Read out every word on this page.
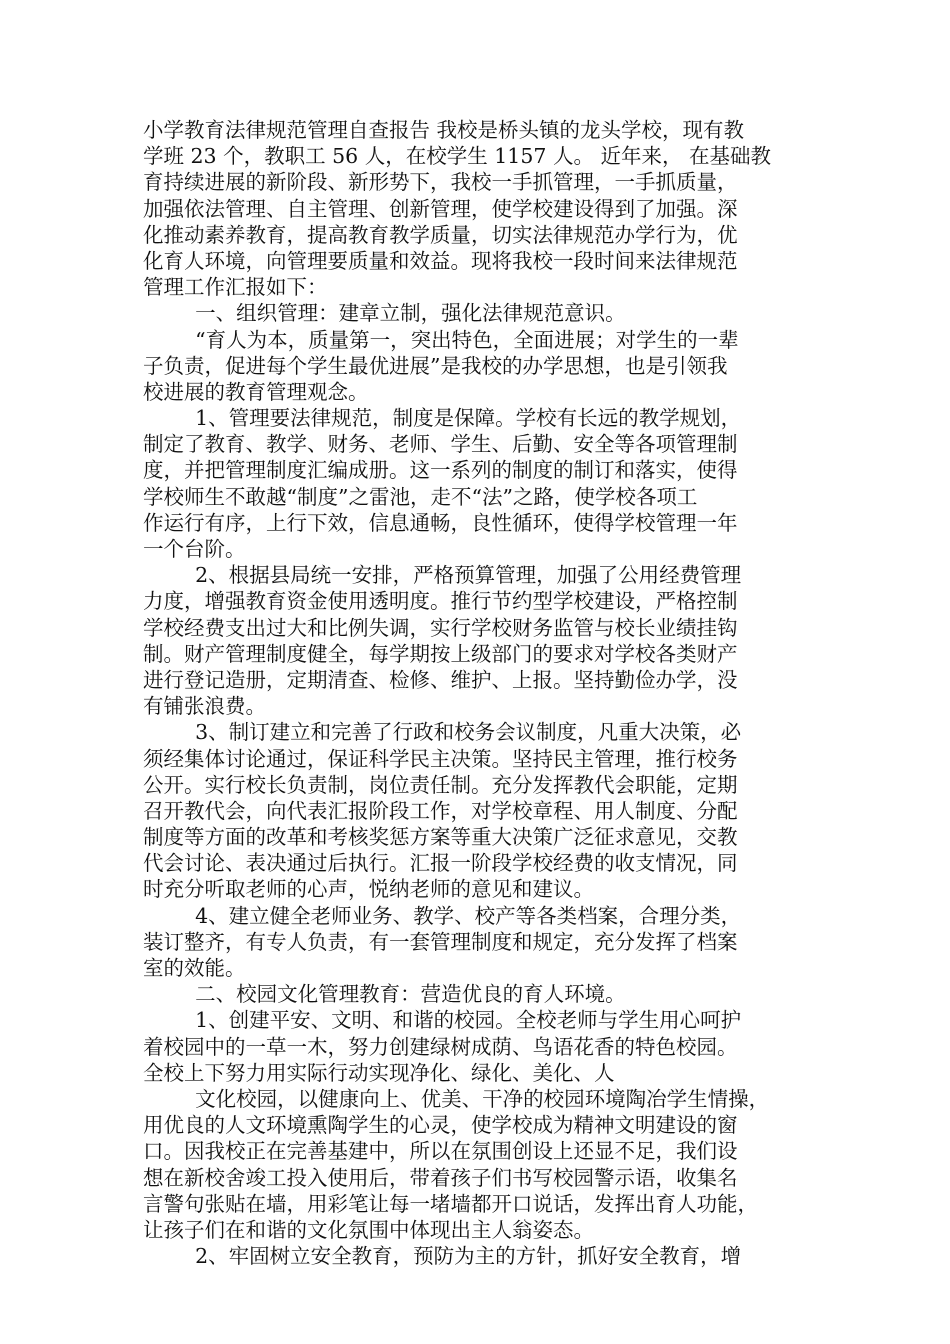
小学教育法律规范管理自查报告 我校是桥头镇的龙头学校，现有教
学班 23 个，教职工 56 人，在校学生 1157 人。 近年来， 在基础教
育持续进展的新阶段、新形势下，我校一手抓管理，一手抓质量，
加强依法管理、自主管理、创新管理，使学校建设得到了加强。深
化推动素养教育，提高教育教学质量，切实法律规范办学行为，优
化育人环境，向管理要质量和效益。现将我校一段时间来法律规范
管理工作汇报如下：
一、组织管理：建章立制，强化法律规范意识。
“育人为本，质量第一，突出特色，全面进展；对学生的一辈
子负责，促进每个学生最优进展”是我校的办学思想，也是引领我
校进展的教育管理观念。
1、管理要法律规范，制度是保障。学校有长远的教学规划，
制定了教育、教学、财务、老师、学生、后勤、安全等各项管理制
度，并把管理制度汇编成册。这一系列的制度的制订和落实，使得
学校师生不敢越“制度”之雷池，走不“法”之路，使学校各项工
作运行有序，上行下效，信息通畅，良性循环，使得学校管理一年
一个台阶。
2、根据县局统一安排，严格预算管理，加强了公用经费管理
力度，增强教育资金使用透明度。推行节约型学校建设，严格控制
学校经费支出过大和比例失调，实行学校财务监管与校长业绩挂钩
制。财产管理制度健全，每学期按上级部门的要求对学校各类财产
进行登记造册，定期清查、检修、维护、上报。坚持勤俭办学，没
有铺张浪费。
3、制订建立和完善了行政和校务会议制度，凡重大决策，必
须经集体讨论通过，保证科学民主决策。坚持民主管理，推行校务
公开。实行校长负责制，岗位责任制。充分发挥教代会职能，定期
召开教代会，向代表汇报阶段工作，对学校章程、用人制度、分配
制度等方面的改革和考核奖惩方案等重大决策广泛征求意见，交教
代会讨论、表决通过后执行。汇报一阶段学校经费的收支情况，同
时充分听取老师的心声，悦纳老师的意见和建议。
4、建立健全老师业务、教学、校产等各类档案，合理分类，
装订整齐，有专人负责，有一套管理制度和规定，充分发挥了档案
室的效能。
二、校园文化管理教育：营造优良的育人环境。
1、创建平安、文明、和谐的校园。全校老师与学生用心呵护
着校园中的一草一木，努力创建绿树成荫、鸟语花香的特色校园。
全校上下努力用实际行动实现净化、绿化、美化、人
文化校园，以健康向上、优美、干净的校园环境陶冶学生情操，
用优良的人文环境熏陶学生的心灵，使学校成为精神文明建设的窗
口。因我校正在完善基建中，所以在氛围创设上还显不足，我们设
想在新校舍竣工投入使用后，带着孩子们书写校园警示语，收集名
言警句张贴在墙，用彩笔让每一堵墙都开口说话，发挥出育人功能，
让孩子们在和谐的文化氛围中体现出主人翁姿态。
2、牢固树立安全教育，预防为主的方针，抓好安全教育，增
